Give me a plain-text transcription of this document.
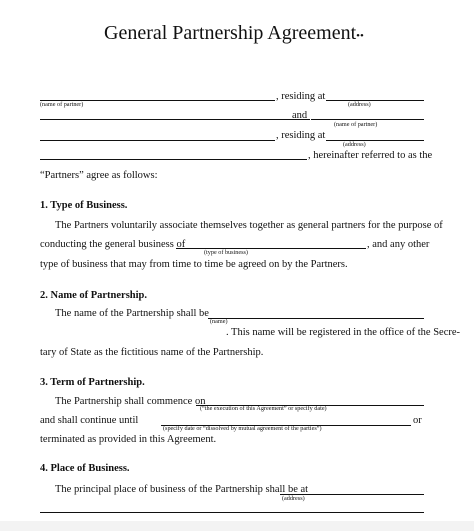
General Partnership Agreement••
, residing at
(name of partner)	(address)
and
(name of partner)
, residing at
(address)
, hereinafter referred to as the
“Partners” agree as follows:
1. Type of Business.
The Partners voluntarily associate themselves together as general partners for the purpose of
conducting the general business of
(type of business)
, and any other
type of business that may from time to time be agreed on by the Partners.
2. Name of Partnership.
The name of the Partnership shall be
(name)
. This name will be registered in the office of the Secre-
tary of State as the fictitious name of the Partnership.
3. Term of Partnership.
The Partnership shall commence on
(“the execution of this Agreement” or specify date)
and shall continue until
(specify date or “dissolved by mutual agreement of the parties”)
or
terminated as provided in this Agreement.
4. Place of Business.
The principal place of business of the Partnership shall be at
(address)
